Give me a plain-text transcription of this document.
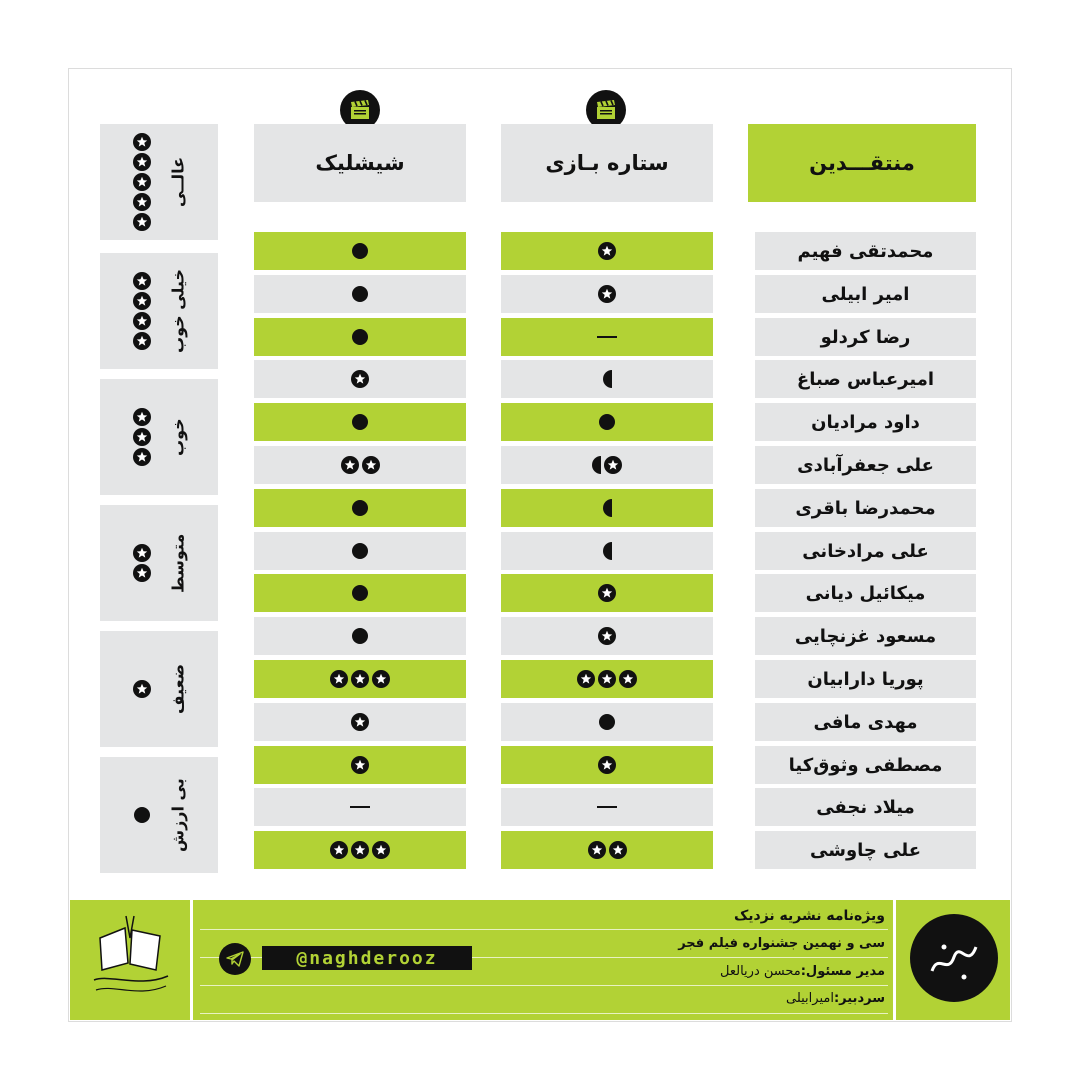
منتقـــدین
ستاره بـازی
شیشلیک
محمدتقی فهیم
امیر ابیلی
رضا کردلو
امیرعباس صباغ
داود مرادیان
علی جعفرآبادی
محمدرضا باقری
علی مرادخانی
میکائیل دیانی
مسعود غزنچایی
پوریا دارابیان
مهدی مافی
مصطفی وثوق‌کیا
میلاد نجفی
علی چاوشی
عالــی
خیلی خوب
خوب
متوسط
ضعیف
بی ارزش
ویژه‌نامه نشریه نزدیک
سی و نهمین جشنواره فیلم فجر
مدیر مسئول:محسن دریالعل
سردبیر:امیرابیلی
@naghderooz
